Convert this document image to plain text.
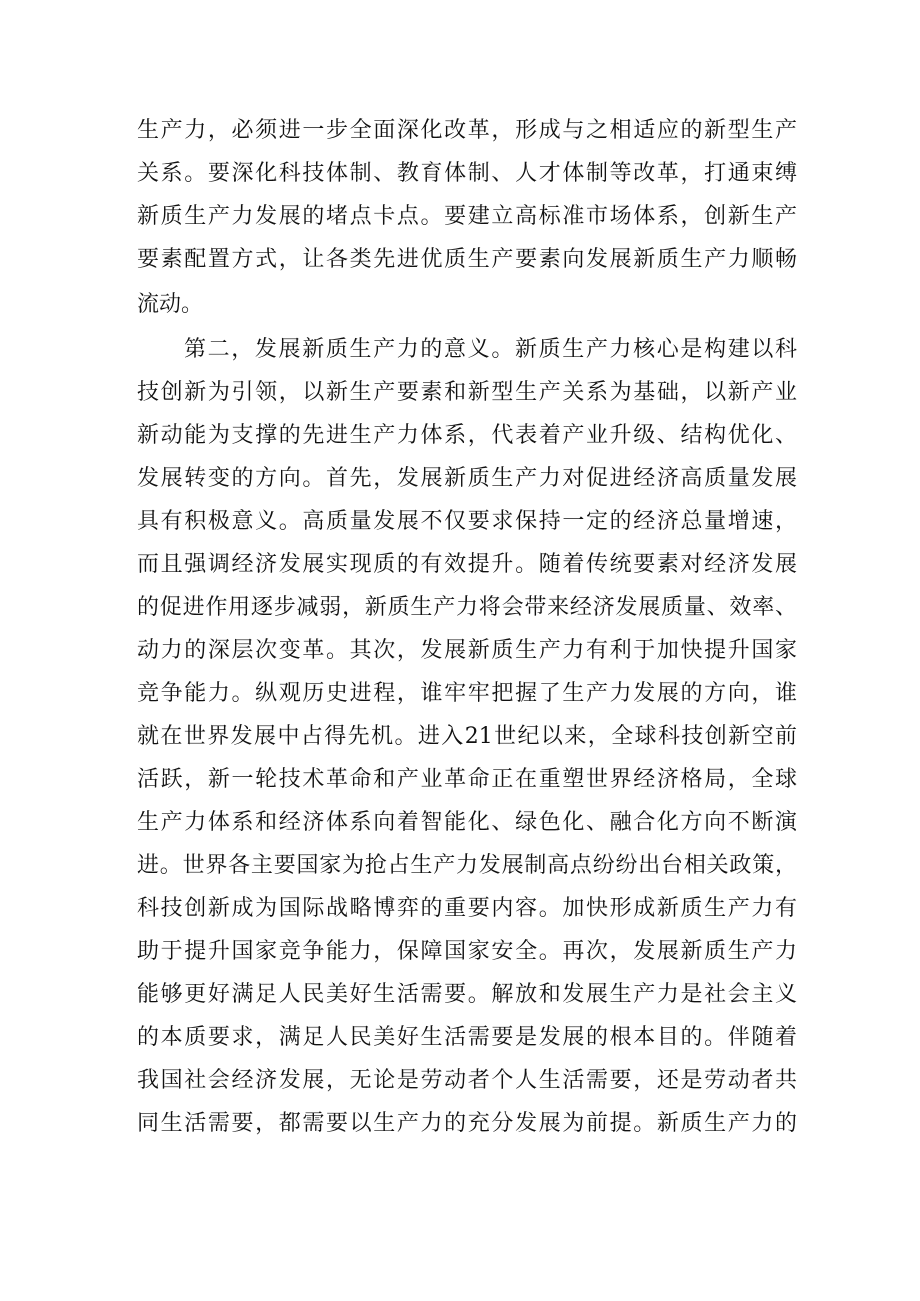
生产力，必须进一步全面深化改革，形成与之相适应的新型生产
关系。要深化科技体制、教育体制、人才体制等改革，打通束缚
新质生产力发展的堵点卡点。要建立高标准市场体系，创新生产
要素配置方式，让各类先进优质生产要素向发展新质生产力顺畅
流动。
第二，发展新质生产力的意义。新质生产力核心是构建以科
技创新为引领，以新生产要素和新型生产关系为基础，以新产业
新动能为支撑的先进生产力体系，代表着产业升级、结构优化、
发展转变的方向。首先，发展新质生产力对促进经济高质量发展
具有积极意义。高质量发展不仅要求保持一定的经济总量增速，
而且强调经济发展实现质的有效提升。随着传统要素对经济发展
的促进作用逐步减弱，新质生产力将会带来经济发展质量、效率、
动力的深层次变革。其次，发展新质生产力有利于加快提升国家
竞争能力。纵观历史进程，谁牢牢把握了生产力发展的方向，谁
就在世界发展中占得先机。进入21世纪以来，全球科技创新空前
活跃，新一轮技术革命和产业革命正在重塑世界经济格局，全球
生产力体系和经济体系向着智能化、绿色化、融合化方向不断演
进。世界各主要国家为抢占生产力发展制高点纷纷出台相关政策，
科技创新成为国际战略博弈的重要内容。加快形成新质生产力有
助于提升国家竞争能力，保障国家安全。再次，发展新质生产力
能够更好满足人民美好生活需要。解放和发展生产力是社会主义
的本质要求，满足人民美好生活需要是发展的根本目的。伴随着
我国社会经济发展，无论是劳动者个人生活需要，还是劳动者共
同生活需要，都需要以生产力的充分发展为前提。新质生产力的
